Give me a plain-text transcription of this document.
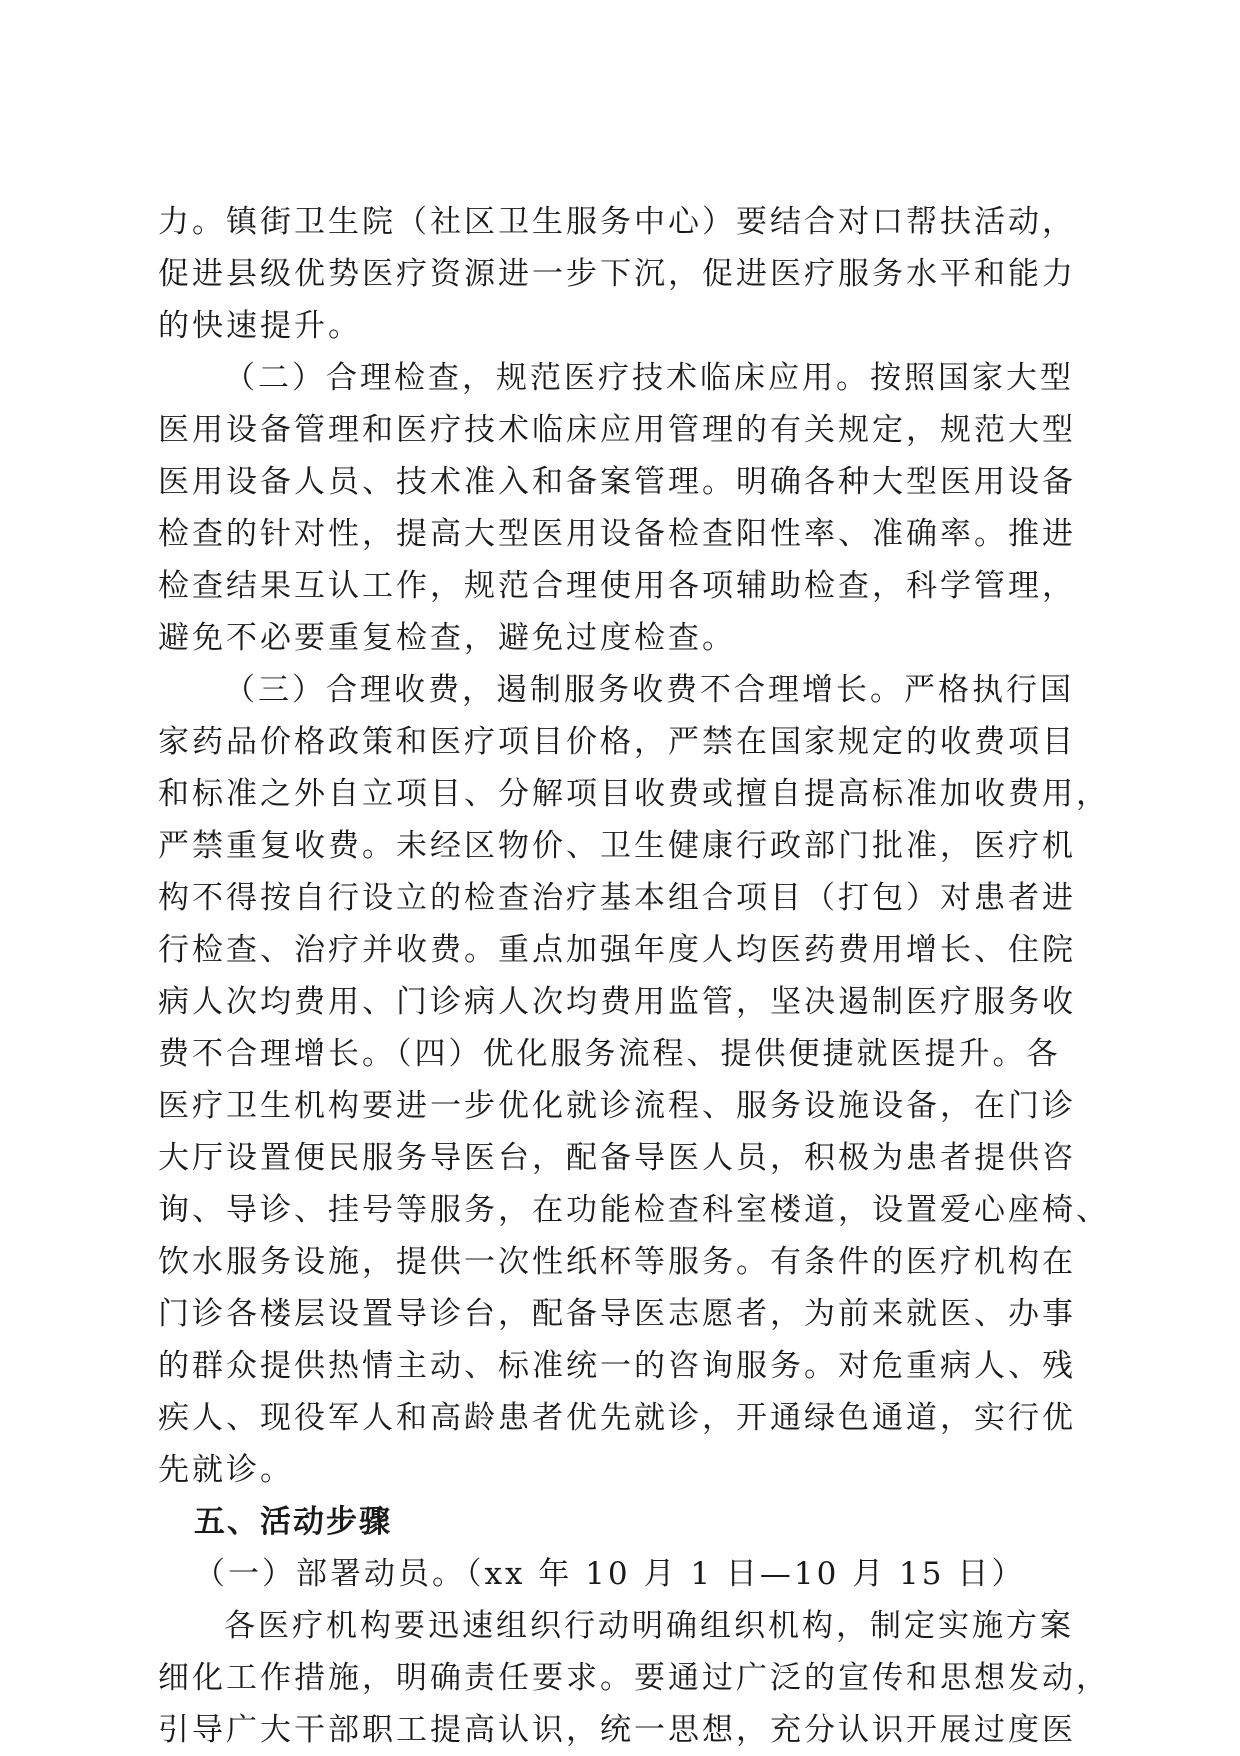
力。镇街卫生院（社区卫生服务中心）要结合对口帮扶活动，
促进县级优势医疗资源进一步下沉，促进医疗服务水平和能力
的快速提升。
（二）合理检查，规范医疗技术临床应用。按照国家大型
医用设备管理和医疗技术临床应用管理的有关规定，规范大型
医用设备人员、技术准入和备案管理。明确各种大型医用设备
检查的针对性，提高大型医用设备检查阳性率、准确率。推进
检查结果互认工作，规范合理使用各项辅助检查，科学管理，
避免不必要重复检查，避免过度检查。
（三）合理收费，遏制服务收费不合理增长。严格执行国
家药品价格政策和医疗项目价格，严禁在国家规定的收费项目
和标准之外自立项目、分解项目收费或擅自提高标准加收费用，
严禁重复收费。未经区物价、卫生健康行政部门批准，医疗机
构不得按自行设立的检查治疗基本组合项目（打包）对患者进
行检查、治疗并收费。重点加强年度人均医药费用增长、住院
病人次均费用、门诊病人次均费用监管，坚决遏制医疗服务收
费不合理增长。（四）优化服务流程、提供便捷就医提升。各
医疗卫生机构要进一步优化就诊流程、服务设施设备，在门诊
大厅设置便民服务导医台，配备导医人员，积极为患者提供咨
询、导诊、挂号等服务，在功能检查科室楼道，设置爱心座椅、
饮水服务设施，提供一次性纸杯等服务。有条件的医疗机构在
门诊各楼层设置导诊台，配备导医志愿者，为前来就医、办事
的群众提供热情主动、标准统一的咨询服务。对危重病人、残
疾人、现役军人和高龄患者优先就诊，开通绿色通道，实行优
先就诊。
五、活动步骤
（一）部署动员。（xx 年 10 月 1 日—10 月 15 日）
各医疗机构要迅速组织行动明确组织机构，制定实施方案
细化工作措施，明确责任要求。要通过广泛的宣传和思想发动，
引导广大干部职工提高认识，统一思想，充分认识开展过度医
